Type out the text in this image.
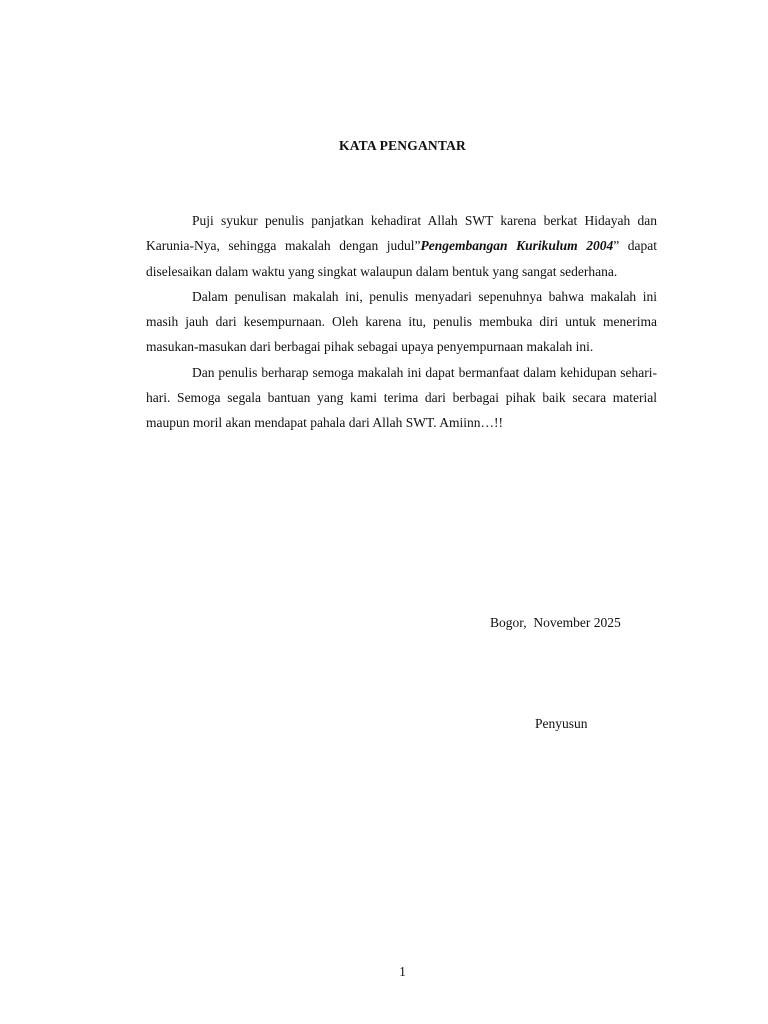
KATA PENGANTAR

Puji syukur penulis panjatkan kehadirat Allah SWT karena berkat Hidayah dan Karunia-Nya, sehingga makalah dengan judul”Pengembangan Kurikulum 2004” dapat diselesaikan dalam waktu yang singkat walaupun dalam bentuk yang sangat sederhana.

Dalam penulisan makalah ini, penulis menyadari sepenuhnya bahwa makalah ini masih jauh dari kesempurnaan. Oleh karena itu, penulis membuka diri untuk menerima masukan-masukan dari berbagai pihak sebagai upaya penyempurnaan makalah ini.

Dan penulis berharap semoga makalah ini dapat bermanfaat dalam kehidupan sehari-hari. Semoga segala bantuan yang kami terima dari berbagai pihak baik secara material maupun moril akan mendapat pahala dari Allah SWT. Amiinn…!!

Bogor,  November 2025
Penyusun
1
